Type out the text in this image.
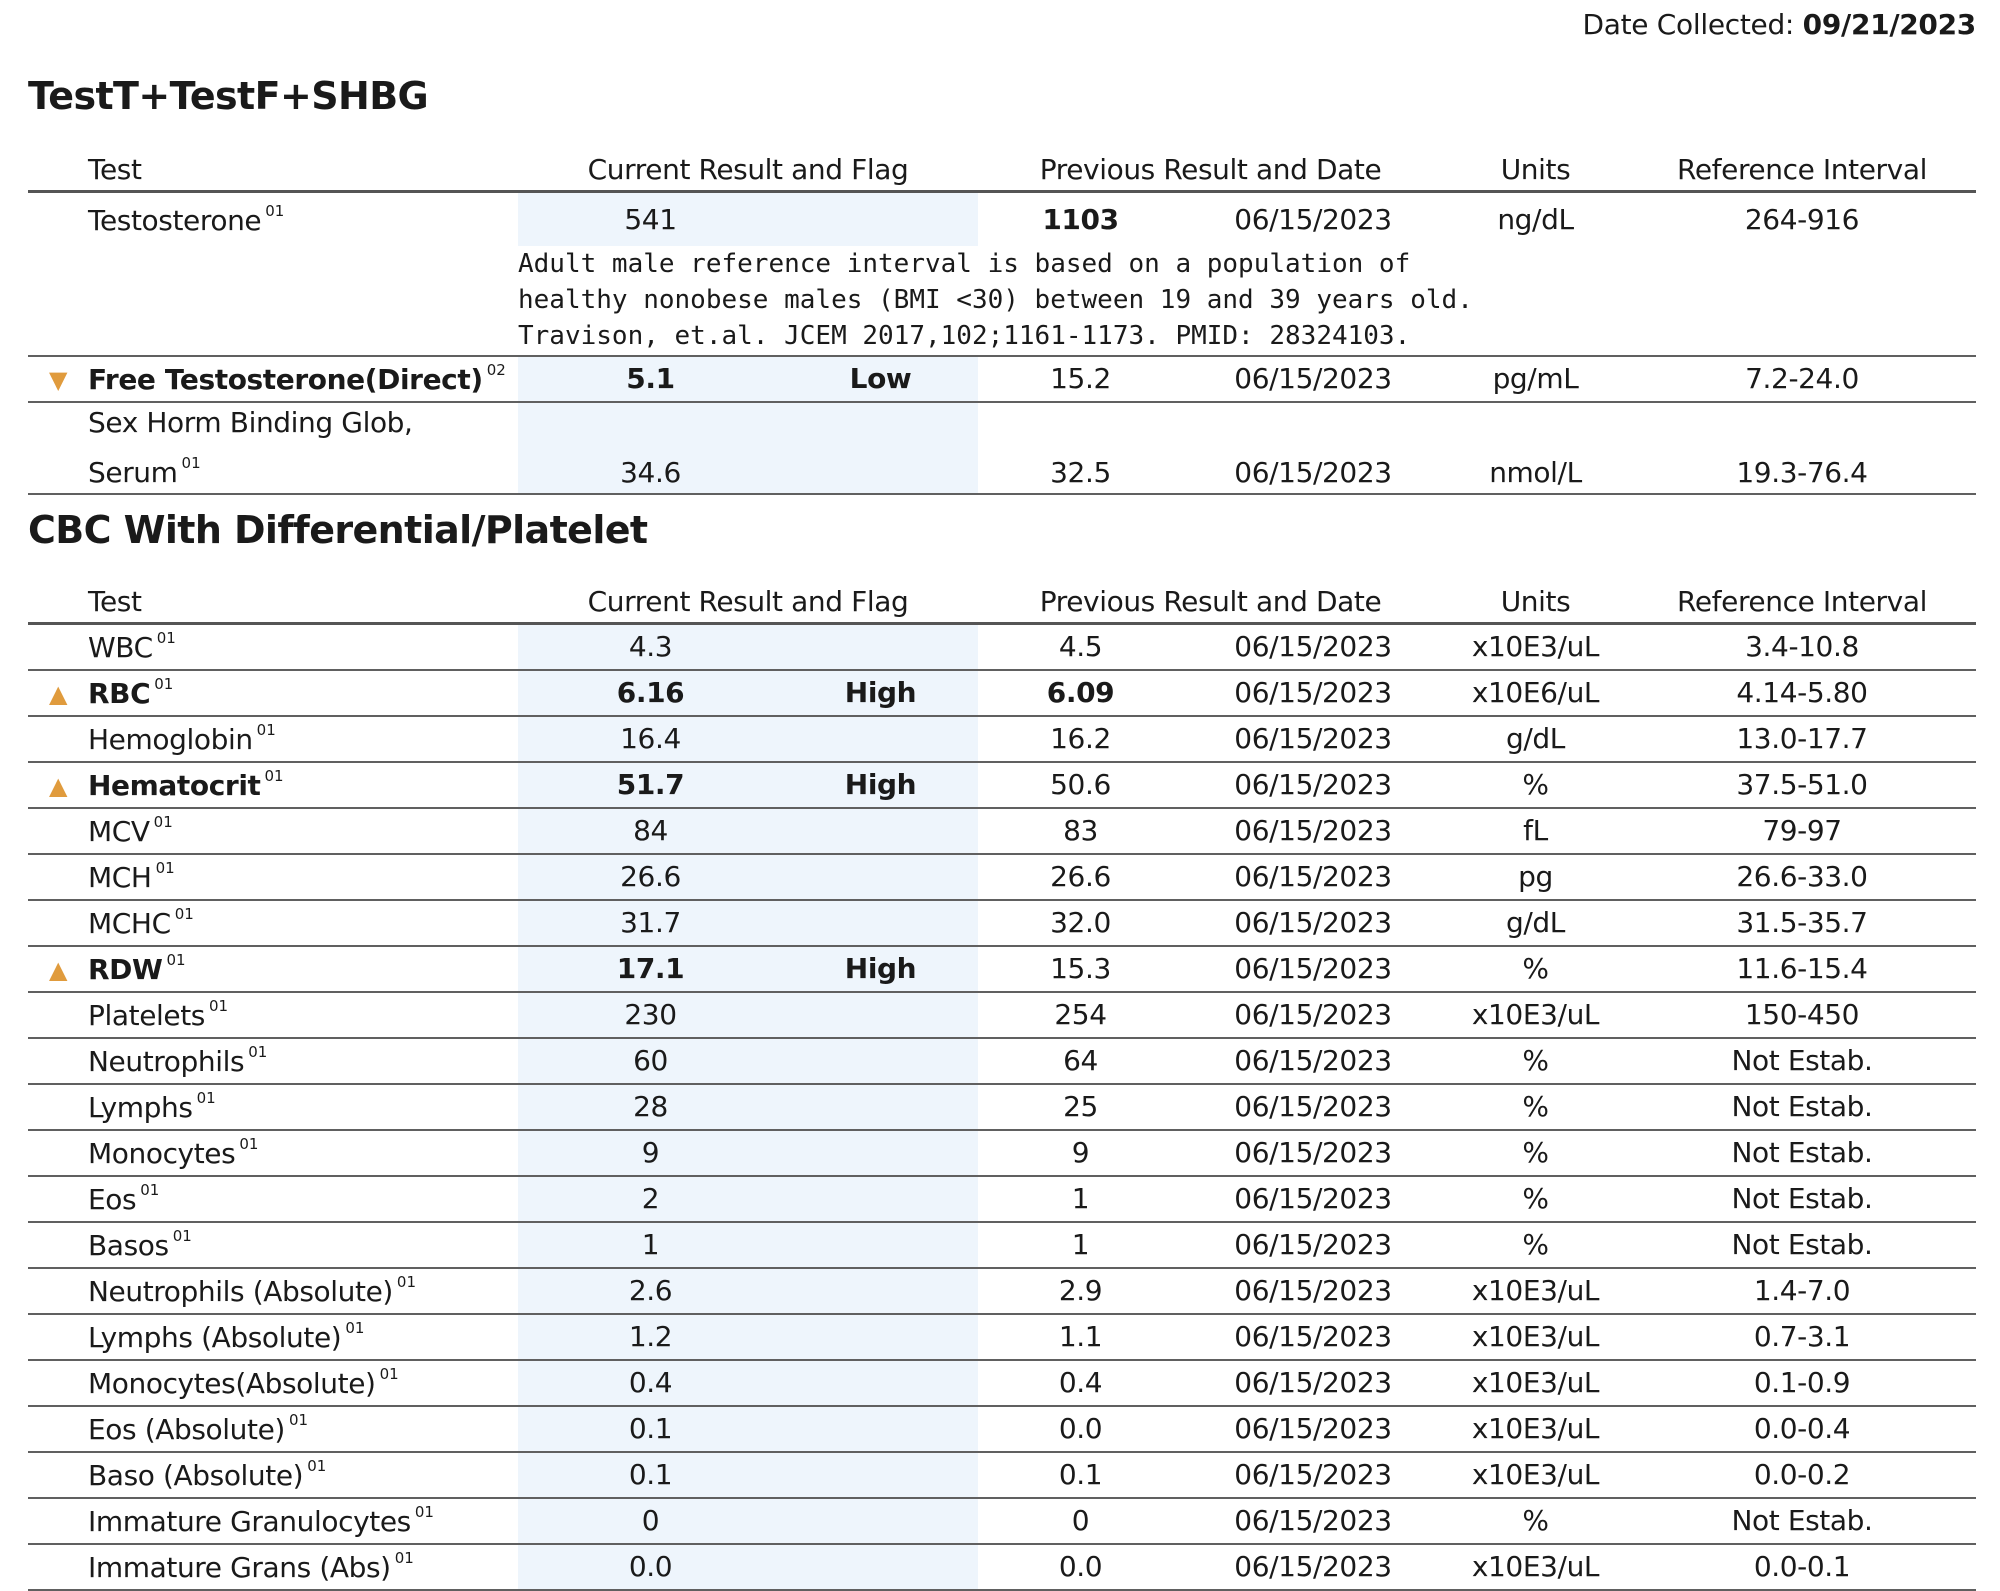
Date Collected: 09/21/2023
TestT+TestF+SHBG
	Test	Current Result and Flag		Previous Result and Date		Units	Reference Interval
	Testosterone $^{01}$	541		1103	06/15/2023	ng/dL	264-916

		Adult male reference interval is based on a population of
healthy nonobese males (BMI <30) between 19 and 39 years old.
Travison, et.al. JCEM 2017,102;1161-1173. PMID: 28324103.					

▼	Free Testosterone(Direct) $^{02}$	5.1	Low	15.2	06/15/2023	pg/mL	7.2-24.0

	Sex Horm Binding Glob,
Serum $^{01}$	34.6		32.5	06/15/2023	nmol/L	19.3-76.4
CBC With Differential/Platelet
	Test	Current Result and Flag		Previous Result and Date		Units	Reference Interval
	WBC $^{01}$	4.3		4.5	06/15/2023	x10E3/uL	3.4-10.8
▲	RBC $^{01}$	6.16	High	6.09	06/15/2023	x10E6/uL	4.14-5.80
	Hemoglobin $^{01}$	16.4		16.2	06/15/2023	g/dL	13.0-17.7
▲	Hematocrit $^{01}$	51.7	High	50.6	06/15/2023	%	37.5-51.0
	MCV $^{01}$	84		83	06/15/2023	fL	79-97
	MCH $^{01}$	26.6		26.6	06/15/2023	pg	26.6-33.0
	MCHC $^{01}$	31.7		32.0	06/15/2023	g/dL	31.5-35.7
▲	RDW $^{01}$	17.1	High	15.3	06/15/2023	%	11.6-15.4
	Platelets $^{01}$	230		254	06/15/2023	x10E3/uL	150-450
	Neutrophils $^{01}$	60		64	06/15/2023	%	Not Estab.
	Lymphs $^{01}$	28		25	06/15/2023	%	Not Estab.
	Monocytes $^{01}$	9		9	06/15/2023	%	Not Estab.
	Eos $^{01}$	2		1	06/15/2023	%	Not Estab.
	Basos $^{01}$	1		1	06/15/2023	%	Not Estab.
	Neutrophils (Absolute) $^{01}$	2.6		2.9	06/15/2023	x10E3/uL	1.4-7.0
	Lymphs (Absolute) $^{01}$	1.2		1.1	06/15/2023	x10E3/uL	0.7-3.1
	Monocytes(Absolute) $^{01}$	0.4		0.4	06/15/2023	x10E3/uL	0.1-0.9
	Eos (Absolute) $^{01}$	0.1		0.0	06/15/2023	x10E3/uL	0.0-0.4
	Baso (Absolute) $^{01}$	0.1		0.1	06/15/2023	x10E3/uL	0.0-0.2
	Immature Granulocytes $^{01}$	0		0	06/15/2023	%	Not Estab.
	Immature Grans (Abs) $^{01}$	0.0		0.0	06/15/2023	x10E3/uL	0.0-0.1
